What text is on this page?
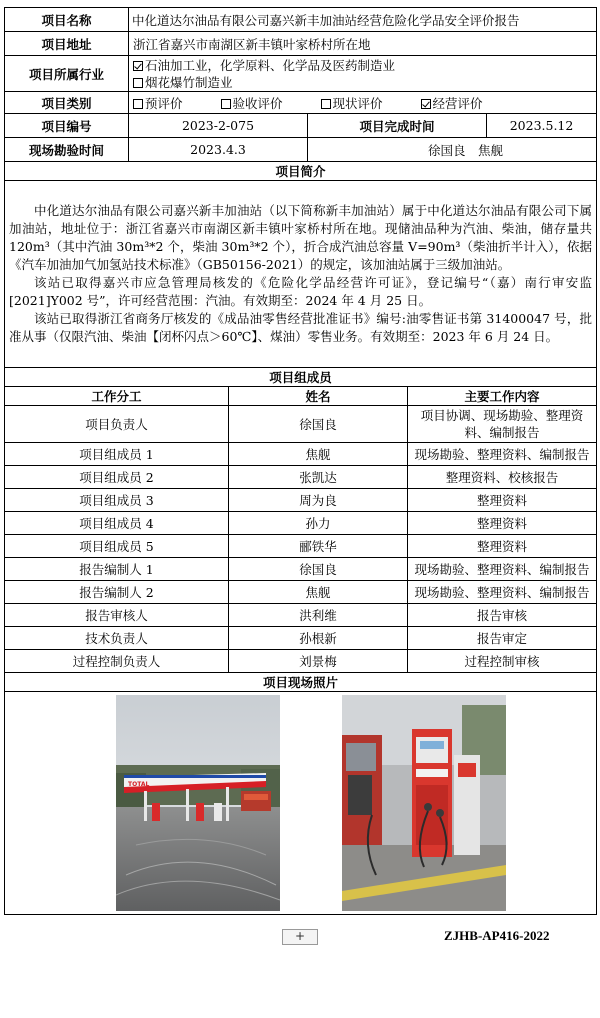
项目名称	中化道达尔油品有限公司嘉兴新丰加油站经营危险化学品安全评价报告				
项目地址	浙江省嘉兴市南湖区新丰镇叶家桥村所在地				
项目所属行业	石油加工业，化学原料、化学品及医药制造业
烟花爆竹制造业				

项目类别	预评价 验收评价 现状评价 经营评价				
项目编号	2023-2-075		项目完成时间		2023.5.12
现场勘验时间	2023.4.3		徐国良　焦舰		
项目简介					

中化道达尔油品有限公司嘉兴新丰加油站（以下简称新丰加油站）属于中化道达尔油品有限公司下属加油站，地址位于：浙江省嘉兴市南湖区新丰镇叶家桥村所在地。现储油品种为汽油、柴油，储存量共 120m³（其中汽油 30m³*2 个，柴油 30m³*2 个），折合成汽油总容量 V=90m³（柴油折半计入），依据《汽车加油加气加氢站技术标准》（GB50156-2021）的规定，该加油站属于三级加油站。

该站已取得嘉兴市应急管理局核发的《危险化学品经营许可证》，登记编号“（嘉）南行审安监[2021]Y002 号”，许可经营范围：汽油。有效期至：2024 年 4 月 25 日。

该站已取得浙江省商务厅核发的《成品油零售经营批准证书》编号:油零售证书第 31400047 号，批准从事（仅限汽油、柴油【闭杯闪点＞60℃】、煤油）零售业务。有效期至：2023 年 6 月 24 日。					

项目组成员					
工作分工		姓名		主要工作内容	
项目负责人		徐国良		项目协调、现场勘验、整理资料、编制报告	
项目组成员 1		焦舰		现场勘验、整理资料、编制报告	
项目组成员 2		张凯达		整理资料、校核报告	
项目组成员 3		周为良		整理资料	
项目组成员 4		孙力		整理资料	
项目组成员 5		郦铁华		整理资料	
报告编制人 1		徐国良		现场勘验、整理资料、编制报告	
报告编制人 2		焦舰		现场勘验、整理资料、编制报告	
报告审核人		洪利维		报告审核	
技术负责人		孙根新		报告审定	
过程控制负责人		刘景梅		过程控制审核	
项目现场照片					

TOTAL					
+	ZJHB-AP416-2022
